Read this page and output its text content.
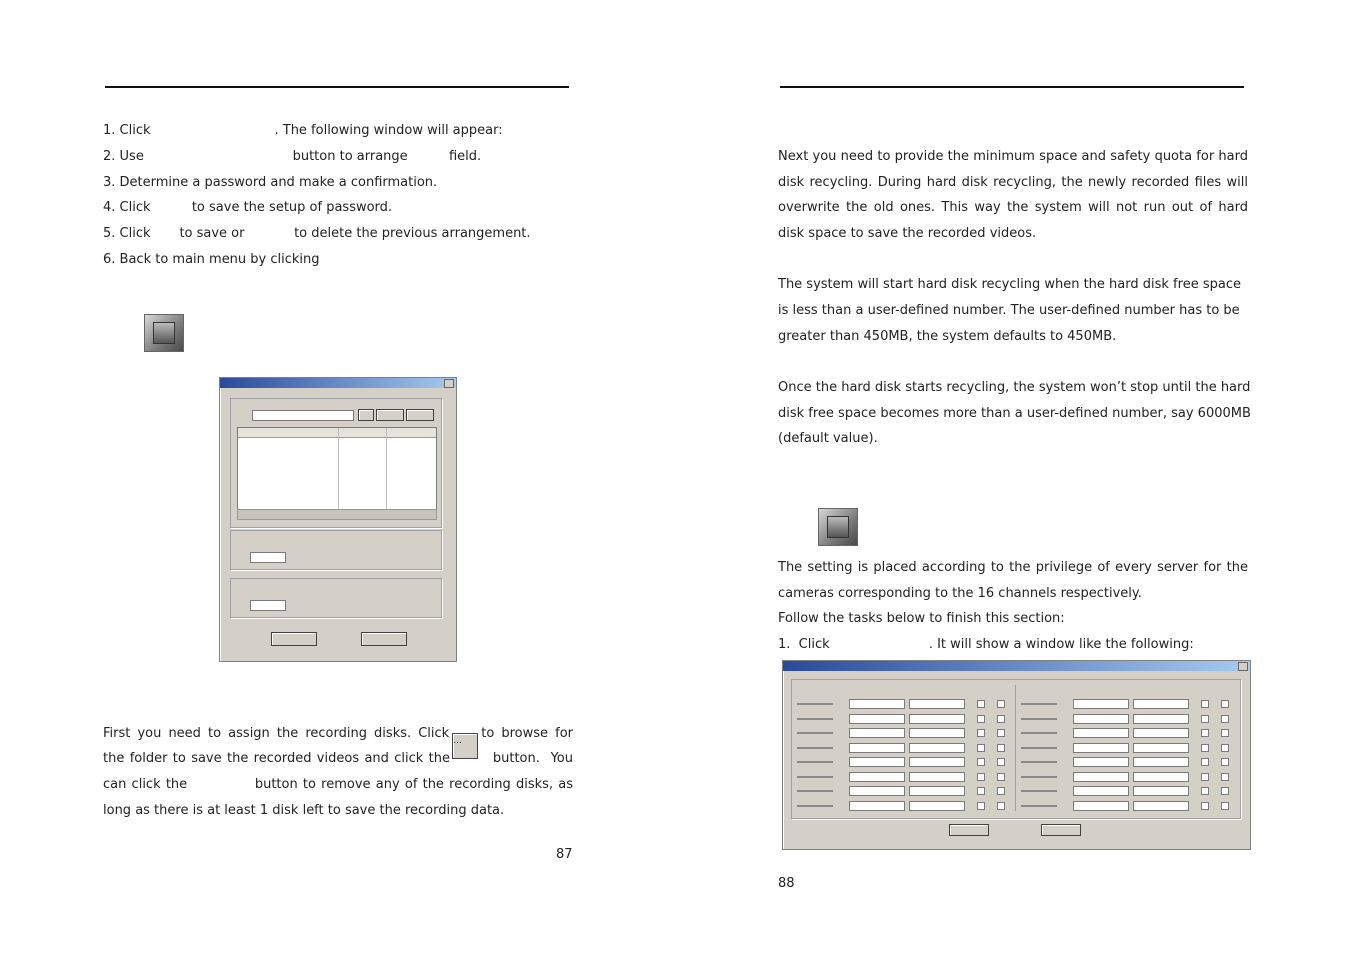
1. Click                              . The following window will appear:
2. Use                                    button to arrange          field.
3. Determine a password and make a confirmation.
4. Click          to save the setup of password.
5. Click       to save or            to delete the previous arrangement.
6. Back to main menu by clicking
First you need to assign the recording disks. Click ... to browse for
the folder to save the recorded videos and click the        button.  You
can click the             button to remove any of the recording disks, as
long as there is at least 1 disk left to save the recording data.
87
Next you need to provide the minimum space and safety quota for hard
disk recycling. During hard disk recycling, the newly recorded files will
overwrite the old ones. This way the system will not run out of hard
disk space to save the recorded videos.
The system will start hard disk recycling when the hard disk free space
is less than a user-defined number. The user-defined number has to be
greater than 450MB, the system defaults to 450MB.
Once the hard disk starts recycling, the system won’t stop until the hard
disk free space becomes more than a user-defined number, say 6000MB
(default value).
The setting is placed according to the privilege of every server for the
cameras corresponding to the 16 channels respectively.
Follow the tasks below to finish this section:
1.  Click                        . It will show a window like the following:
88
